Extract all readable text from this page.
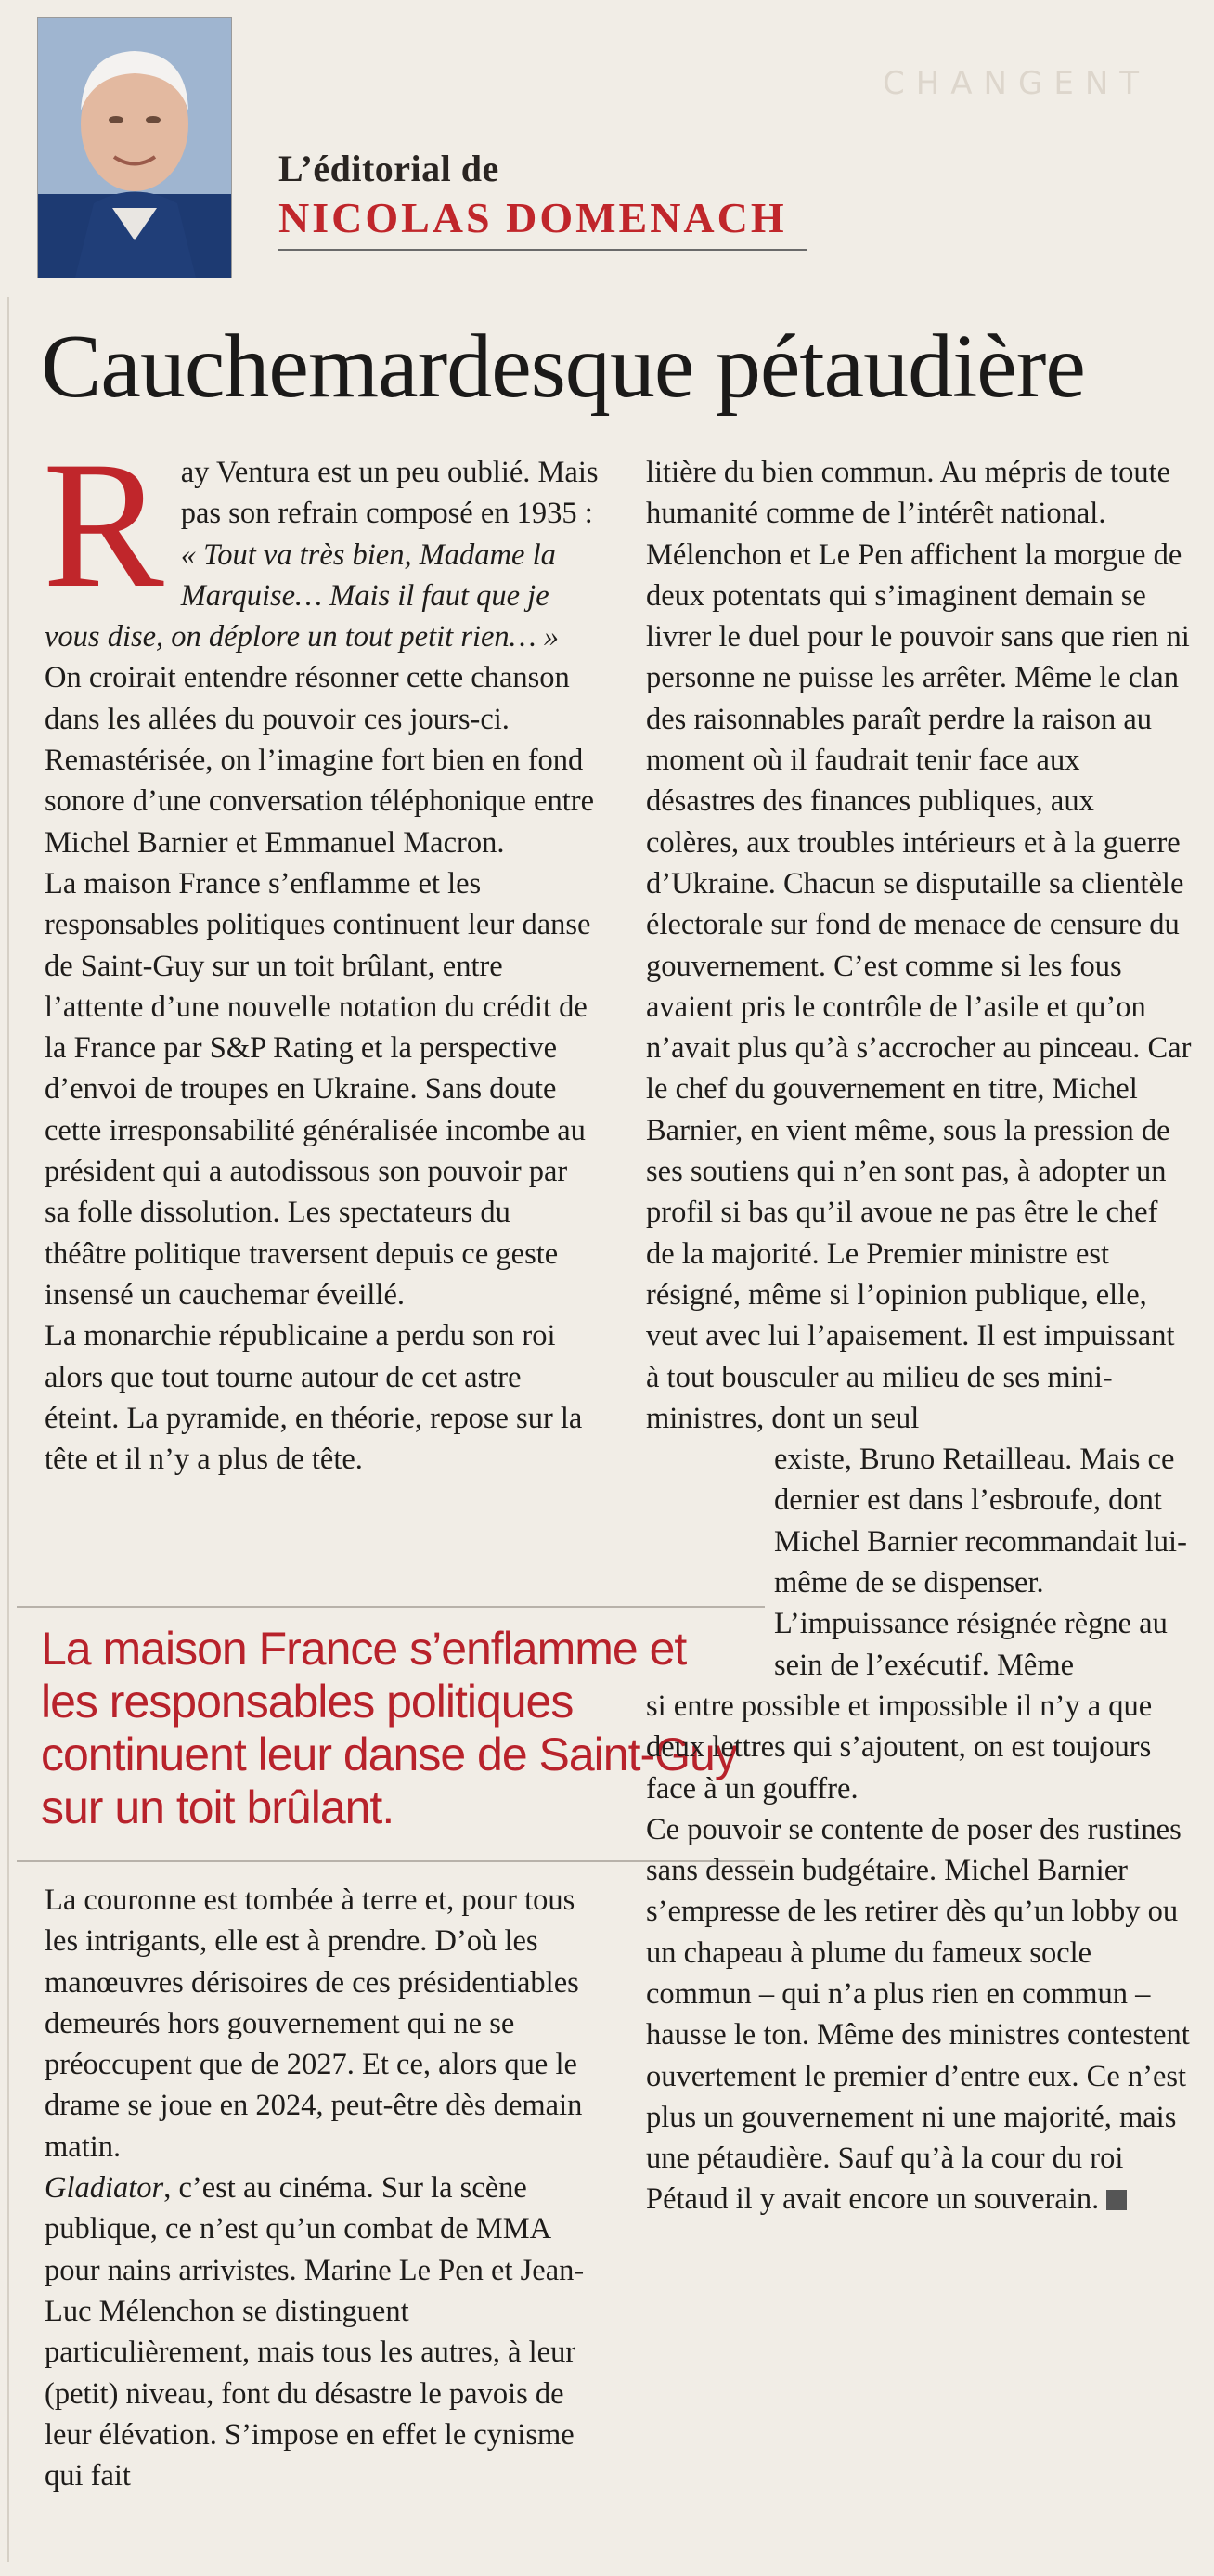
CHANGENT
L’éditorial de
NICOLAS DOMENACH
Cauchemardesque pétaudière

Ray Ventura est un peu oublié. Mais pas son refrain composé en 1935 : « Tout va très bien, Madame la Marquise… Mais il faut que je vous dise, on déplore un tout petit rien… » On croirait entendre résonner cette chanson dans les allées du pouvoir ces jours-ci. Remastérisée, on l’imagine fort bien en fond sonore d’une conversation téléphonique entre Michel Barnier et Emmanuel Macron.

La maison France s’enflamme et les responsables politiques continuent leur danse de Saint-Guy sur un toit brûlant, entre l’attente d’une nouvelle notation du crédit de la France par S&P Rating et la perspective d’envoi de troupes en Ukraine. Sans doute cette irresponsabilité généralisée incombe au président qui a autodissous son pouvoir par sa folle dissolution. Les spectateurs du théâtre politique traversent depuis ce geste insensé un cauchemar éveillé.

La monarchie républicaine a perdu son roi alors que tout tourne autour de cet astre éteint. La pyramide, en théorie, repose sur la tête et il n’y a plus de tête.

La maison France s’enflamme et les responsables politiques continuent leur danse de Saint-Guy sur un toit brûlant.

La couronne est tombée à terre et, pour tous les intrigants, elle est à prendre. D’où les manœuvres dérisoires de ces présidentiables demeurés hors gouvernement qui ne se préoccupent que de 2027. Et ce, alors que le drame se joue en 2024, peut-être dès demain matin.

Gladiator, c’est au cinéma. Sur la scène publique, ce n’est qu’un combat de MMA pour nains arrivistes. Marine Le Pen et Jean-Luc Mélenchon se distinguent particulièrement, mais tous les autres, à leur (petit) niveau, font du désastre le pavois de leur élévation. S’impose en effet le cynisme qui fait

litière du bien commun. Au mépris de toute humanité comme de l’intérêt national. Mélenchon et Le Pen affichent la morgue de deux potentats qui s’imaginent demain se livrer le duel pour le pouvoir sans que rien ni personne ne puisse les arrêter. Même le clan des raisonnables paraît perdre la raison au moment où il faudrait tenir face aux désastres des finances publiques, aux colères, aux troubles intérieurs et à la guerre d’Ukraine. Chacun se disputaille sa clientèle électorale sur fond de menace de censure du gouvernement. C’est comme si les fous avaient pris le contrôle de l’asile et qu’on n’avait plus qu’à s’accrocher au pinceau. Car le chef du gouvernement en titre, Michel Barnier, en vient même, sous la pression de ses soutiens qui n’en sont pas, à adopter un profil si bas qu’il avoue ne pas être le chef de la majorité. Le Premier ministre est résigné, même si l’opinion publique, elle, veut avec lui l’apaisement. Il est impuissant à tout bousculer au milieu de ses mini-ministres, dont un seul

existe, Bruno Retailleau. Mais ce dernier est dans l’esbroufe, dont Michel Barnier recommandait lui-même de se dispenser. L’impuissance résignée règne au sein de l’exécutif. Même

si entre possible et impossible il n’y a que deux lettres qui s’ajoutent, on est toujours face à un gouffre.

Ce pouvoir se contente de poser des rustines sans dessein budgétaire. Michel Barnier s’empresse de les retirer dès qu’un lobby ou un chapeau à plume du fameux socle commun – qui n’a plus rien en commun – hausse le ton. Même des ministres contestent ouvertement le premier d’entre eux. Ce n’est plus un gouvernement ni une majorité, mais une pétaudière. Sauf qu’à la cour du roi Pétaud il y avait encore un souverain.
